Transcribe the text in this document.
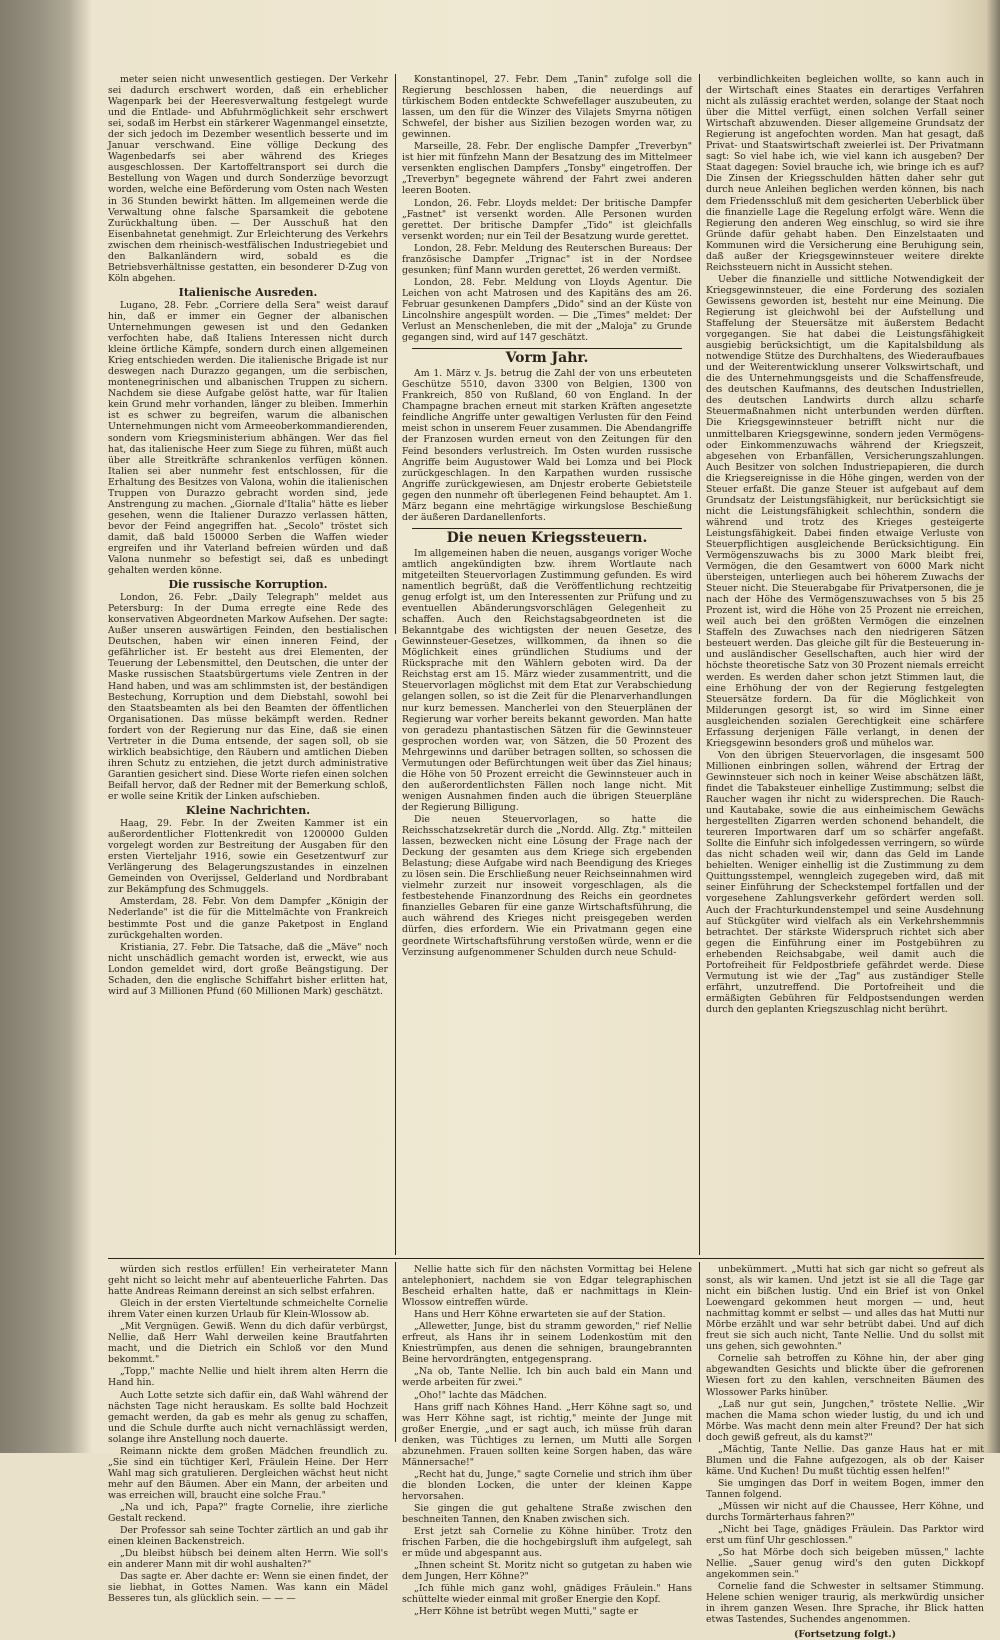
meter seien nicht unwesentlich gestiegen. Der Verkehr sei dadurch erschwert worden, daß ein erheblicher Wagenpark bei der Heeresverwaltung festgelegt wurde und die Entlade- und Abfuhrmöglichkeit sehr erschwert sei, sodaß im Herbst ein stärkerer Wagenmangel einsetzte, der sich jedoch im Dezember wesentlich besserte und im Januar verschwand. Eine völlige Deckung des Wagenbedarfs sei aber während des Krieges ausgeschlossen. Der Kartoffeltransport sei durch die Bestellung von Wagen und durch Sonderzüge bevorzugt worden, welche eine Beförderung vom Osten nach Westen in 36 Stunden bewirkt hätten. Im allgemeinen werde die Verwaltung ohne falsche Sparsamkeit die gebotene Zurückhaltung üben. — Der Ausschuß hat den Eisenbahnetat genehmigt. Zur Erleichterung des Verkehrs zwischen dem rheinisch-westfälischen Industriegebiet und den Balkanländern wird, sobald es die Betriebsverhältnisse gestatten, ein besonderer D-Zug von Köln abgehen.

Italienische Ausreden.

Lugano, 28. Febr. „Corriere della Sera" weist darauf hin, daß er immer ein Gegner der albanischen Unternehmungen gewesen ist und den Gedanken verfochten habe, daß Italiens Interessen nicht durch kleine örtliche Kämpfe, sondern durch einen allgemeinen Krieg entschieden werden. Die italienische Brigade ist nur deswegen nach Durazzo gegangen, um die serbischen, montenegrinischen und albanischen Truppen zu sichern. Nachdem sie diese Aufgabe gelöst hatte, war für Italien kein Grund mehr vorhanden, länger zu bleiben. Immerhin ist es schwer zu begreifen, warum die albanischen Unternehmungen nicht vom Armeeoberkommandierenden, sondern vom Kriegsministerium abhängen. Wer das fiel hat, das italienische Heer zum Siege zu führen, müßt auch über alle Streitkräfte schrankenlos verfügen können. Italien sei aber nunmehr fest entschlossen, für die Erhaltung des Besitzes von Valona, wohin die italienischen Truppen von Durazzo gebracht worden sind, jede Anstrengung zu machen. „Giornale d'Italia" hätte es lieber gesehen, wenn die Italiener Durazzo verlassen hätten, bevor der Feind angegriffen hat. „Secolo" tröstet sich damit, daß bald 150000 Serben die Waffen wieder ergreifen und ihr Vaterland befreien würden und daß Valona nunmehr so befestigt sei, daß es unbedingt gehalten werden könne.

Die russische Korruption.

London, 26. Febr. „Daily Telegraph" meldet aus Petersburg: In der Duma erregte eine Rede des konservativen Abgeordneten Markow Aufsehen. Der sagte: Außer unseren auswärtigen Feinden, den bestialischen Deutschen, haben wir einen inneren Feind, der gefährlicher ist. Er besteht aus drei Elementen, der Teuerung der Lebensmittel, den Deutschen, die unter der Maske russischen Staatsbürgertums viele Zentren in der Hand haben, und was am schlimmsten ist, der beständigen Bestechung, Korruption und dem Diebstahl, sowohl bei den Staatsbeamten als bei den Beamten der öffentlichen Organisationen. Das müsse bekämpft werden. Redner fordert von der Regierung nur das Eine, daß sie einen Vertreter in die Duma entsende, der sagen soll, ob sie wirklich beabsichtige, den Räubern und amtlichen Dieben ihren Schutz zu entziehen, die jetzt durch administrative Garantien gesichert sind. Diese Worte riefen einen solchen Beifall hervor, daß der Redner mit der Bemerkung schloß, er wolle seine Kritik der Linken aufschieben.

Kleine Nachrichten.

Haag, 29. Febr. In der Zweiten Kammer ist ein außerordentlicher Flottenkredit von 1200000 Gulden vorgelegt worden zur Bestreitung der Ausgaben für den ersten Vierteljahr 1916, sowie ein Gesetzentwurf zur Verlängerung des Belagerungszustandes in einzelnen Gemeinden von Overijssel, Gelderland und Nordbrabant zur Bekämpfung des Schmuggels.

Amsterdam, 28. Febr. Von dem Dampfer „Königin der Nederlande" ist die für die Mittelmächte von Frankreich bestimmte Post und die ganze Paketpost in England zurückgehalten worden.

Kristiania, 27. Febr. Die Tatsache, daß die „Mäve" noch nicht unschädlich gemacht worden ist, erweckt, wie aus London gemeldet wird, dort große Beängstigung. Der Schaden, den die englische Schiffahrt bisher erlitten hat, wird auf 3 Millionen Pfund (60 Millionen Mark) geschätzt.

Konstantinopel, 27. Febr. Dem „Tanin" zufolge soll die Regierung beschlossen haben, die neuerdings auf türkischem Boden entdeckte Schwefellager auszubeuten, zu lassen, um den für die Winzer des Vilajets Smyrna nötigen Schwefel, der bisher aus Sizilien bezogen worden war, zu gewinnen.

Marseille, 28. Febr. Der englische Dampfer „Treverbyn" ist hier mit fünfzehn Mann der Besatzung des im Mittelmeer versenkten englischen Dampfers „Tonsby" eingetroffen. Der „Treverbyn" begegnete während der Fahrt zwei anderen leeren Booten.

London, 26. Febr. Lloyds meldet: Der britische Dampfer „Fastnet" ist versenkt worden. Alle Personen wurden gerettet. Der britische Dampfer „Tido" ist gleichfalls versenkt worden; nur ein Teil der Besatzung wurde gerettet.

London, 28. Febr. Meldung des Reuterschen Bureaus: Der französische Dampfer „Trignac" ist in der Nordsee gesunken; fünf Mann wurden gerettet, 26 werden vermißt.

London, 28. Febr. Meldung von Lloyds Agentur. Die Leichen von acht Matrosen und des Kapitäns des am 26. Februar gesunkenen Dampfers „Dido" sind an der Küste von Lincolnshire angespült worden. — Die „Times" meldet: Der Verlust an Menschenleben, die mit der „Maloja" zu Grunde gegangen sind, wird auf 147 geschätzt.

Vorm Jahr.

Am 1. März v. Js. betrug die Zahl der von uns erbeuteten Geschütze 5510, davon 3300 von Belgien, 1300 von Frankreich, 850 von Rußland, 60 von England. In der Champagne brachen erneut mit starken Kräften angesetzte feindliche Angriffe unter gewaltigen Verlusten für den Feind meist schon in unserem Feuer zusammen. Die Abendangriffe der Franzosen wurden erneut von den Zeitungen für den Feind besonders verlustreich. Im Osten wurden russische Angriffe beim Augustower Wald bei Lomza und bei Plock zurückgeschlagen. In den Karpathen wurden russische Angriffe zurückgewiesen, am Dnjestr eroberte Gebietsteile gegen den nunmehr oft überlegenen Feind behauptet. Am 1. März begann eine mehrtägige wirkungslose Beschießung der äußeren Dardanellenforts.

Die neuen Kriegssteuern.

Im allgemeinen haben die neuen, ausgangs voriger Woche amtlich angekündigten bzw. ihrem Wortlaute nach mitgeteilten Steuervorlagen Zustimmung gefunden. Es wird namentlich begrüßt, daß die Veröffentlichung rechtzeitig genug erfolgt ist, um den Interessenten zur Prüfung und zu eventuellen Abänderungsvorschlägen Gelegenheit zu schaffen. Auch den Reichstagsabgeordneten ist die Bekanntgabe des wichtigsten der neuen Gesetze, des Gewinnsteuer-Gesetzes, willkommen, da ihnen so die Möglichkeit eines gründlichen Studiums und der Rücksprache mit den Wählern geboten wird. Da der Reichstag erst am 15. März wieder zusammentritt, und die Steuervorlagen möglichst mit dem Etat zur Verabschiedung gelangen sollen, so ist die Zeit für die Plenarverhandlungen nur kurz bemessen. Mancherlei von den Steuerplänen der Regierung war vorher bereits bekannt geworden. Man hatte von geradezu phantastischen Sätzen für die Gewinnsteuer gesprochen worden war, von Sätzen, die 50 Prozent des Mehrgewinns und darüber betragen sollten, so schossen die Vermutungen oder Befürchtungen weit über das Ziel hinaus; die Höhe von 50 Prozent erreicht die Gewinnsteuer auch in den außerordentlichsten Fällen noch lange nicht. Mit wenigen Ausnahmen finden auch die übrigen Steuerpläne der Regierung Billigung.

Die neuen Steuervorlagen, so hatte die Reichsschatzsekretär durch die „Nordd. Allg. Ztg." mitteilen lassen, bezwecken nicht eine Lösung der Frage nach der Deckung der gesamten aus dem Kriege sich ergebenden Belastung; diese Aufgabe wird nach Beendigung des Krieges zu lösen sein. Die Erschließung neuer Reichseinnahmen wird vielmehr zurzeit nur insoweit vorgeschlagen, als die festbestehende Finanzordnung des Reichs ein geordnetes finanzielles Gebaren für eine ganze Wirtschaftsführung, die auch während des Krieges nicht preisgegeben werden dürfen, dies erfordern. Wie ein Privatmann gegen eine geordnete Wirtschaftsführung verstoßen würde, wenn er die Verzinsung aufgenommener Schulden durch neue Schuld-

verbindlichkeiten begleichen wollte, so kann auch in der Wirtschaft eines Staates ein derartiges Verfahren nicht als zulässig erachtet werden, solange der Staat noch über die Mittel verfügt, einen solchen Verfall seiner Wirtschaft abzuwenden. Dieser allgemeine Grundsatz der Regierung ist angefochten worden. Man hat gesagt, daß Privat- und Staatswirtschaft zweierlei ist. Der Privatmann sagt: So viel habe ich, wie viel kann ich ausgeben? Der Staat dagegen: Soviel brauche ich, wie bringe ich es auf? Die Zinsen der Kriegsschulden hätten daher sehr gut durch neue Anleihen beglichen werden können, bis nach dem Friedensschluß mit dem gesicherten Ueberblick über die finanzielle Lage die Regelung erfolgt wäre. Wenn die Regierung den anderen Weg einschlug, so wird sie ihre Gründe dafür gehabt haben. Den Einzelstaaten und Kommunen wird die Versicherung eine Beruhigung sein, daß außer der Kriegsgewinnsteuer weitere direkte Reichssteuern nicht in Aussicht stehen.

Ueber die finanzielle und sittliche Notwendigkeit der Kriegsgewinnsteuer, die eine Forderung des sozialen Gewissens geworden ist, besteht nur eine Meinung. Die Regierung ist gleichwohl bei der Aufstellung und Staffelung der Steuersätze mit äußerstem Bedacht vorgegangen. Sie hat dabei die Leistungsfähigkeit ausgiebig berücksichtigt, um die Kapitalsbildung als notwendige Stütze des Durchhaltens, des Wiederaufbaues und der Weiterentwicklung unserer Volkswirtschaft, und die des Unternehmungsgeists und die Schaffensfreude, des deutschen Kaufmanns, des deutschen Industriellen, des deutschen Landwirts durch allzu scharfe Steuermaßnahmen nicht unterbunden werden dürften. Die Kriegsgewinnsteuer betrifft nicht nur die unmittelbaren Kriegsgewinne, sondern jeden Vermögens- oder Einkommenzuwachs während der Kriegszeit, abgesehen von Erbanfällen, Versicherungszahlungen. Auch Besitzer von solchen Industriepapieren, die durch die Kriegsereignisse in die Höhe gingen, werden von der Steuer erfaßt. Die ganze Steuer ist aufgebaut auf dem Grundsatz der Leistungsfähigkeit, nur berücksichtigt sie nicht die Leistungsfähigkeit schlechthin, sondern die während und trotz des Krieges gesteigerte Leistungsfähigkeit. Dabei finden etwaige Verluste von Steuerpflichtigen ausgleichende Berücksichtigung. Ein Vermögenszuwachs bis zu 3000 Mark bleibt frei, Vermögen, die den Gesamtwert von 6000 Mark nicht übersteigen, unterliegen auch bei höherem Zuwachs der Steuer nicht. Die Steuerabgabe für Privatpersonen, die je nach der Höhe des Vermögenszuwachses von 5 bis 25 Prozent ist, wird die Höhe von 25 Prozent nie erreichen, weil auch bei den größten Vermögen die einzelnen Staffeln des Zuwachses nach den niedrigeren Sätzen besteuert werden. Das gleiche gilt für die Besteuerung in- und ausländischer Gesellschaften, auch hier wird der höchste theoretische Satz von 30 Prozent niemals erreicht werden. Es werden daher schon jetzt Stimmen laut, die eine Erhöhung der von der Regierung festgelegten Steuersätze fordern. Da für die Möglichkeit von Milderungen gesorgt ist, so wird im Sinne einer ausgleichenden sozialen Gerechtigkeit eine schärfere Erfassung derjenigen Fälle verlangt, in denen der Kriegsgewinn besonders groß und mühelos war.

Von den übrigen Steuervorlagen, die insgesamt 500 Millionen einbringen sollen, während der Ertrag der Gewinnsteuer sich noch in keiner Weise abschätzen läßt, findet die Tabaksteuer einhellige Zustimmung; selbst die Raucher wagen ihr nicht zu widersprechen. Die Rauch- und Kautabake, sowie die aus einheimischem Gewächs hergestellten Zigarren werden schonend behandelt, die teureren Importwaren darf um so schärfer angefaßt. Sollte die Einfuhr sich infolgedessen verringern, so würde das nicht schaden weil wir, dann das Geld im Lande behielten. Weniger einhellig ist die Zustimmung zu dem Quittungsstempel, wenngleich zugegeben wird, daß mit seiner Einführung der Scheckstempel fortfallen und der vorgesehene Zahlungsverkehr gefördert werden soll. Auch der Frachturkundenstempel und seine Ausdehnung auf Stückgüter wird vielfach als ein Verkehrshemmnis betrachtet. Der stärkste Widerspruch richtet sich aber gegen die Einführung einer im Postgebühren zu erhebenden Reichsabgabe, weil damit auch die Portofreiheit für Feldpostbriefe gefährdet werde. Diese Vermutung ist wie der „Tag" aus zuständiger Stelle erfährt, unzutreffend. Die Portofreiheit und die ermäßigten Gebühren für Feldpostsendungen werden durch den geplanten Kriegszuschlag nicht berührt.

würden sich restlos erfüllen! Ein verheirateter Mann geht nicht so leicht mehr auf abenteuerliche Fahrten. Das hatte Andreas Reimann dereinst an sich selbst erfahren.

Gleich in der ersten Vierteltunde schmeichelte Cornelie ihrem Vater einen kurzen Urlaub für Klein-Wlossow ab.

„Mit Vergnügen. Gewiß. Wenn du dich dafür verbürgst, Nellie, daß Herr Wahl derweilen keine Brautfahrten macht, und die Dietrich ein Schloß vor den Mund bekommt."

„Topp," machte Nellie und hielt ihrem alten Herrn die Hand hin.

Auch Lotte setzte sich dafür ein, daß Wahl während der nächsten Tage nicht herauskam. Es sollte bald Hochzeit gemacht werden, da gab es mehr als genug zu schaffen, und die Schule durfte auch nicht vernachlässigt werden, solange ihre Anstellung noch dauerte.

Reimann nickte dem großen Mädchen freundlich zu. „Sie sind ein tüchtiger Kerl, Fräulein Heine. Der Herr Wahl mag sich gratulieren. Dergleichen wächst heut nicht mehr auf den Bäumen. Aber ein Mann, der arbeiten und was erreichen will, braucht eine solche Frau."

„Na und ich, Papa?" fragte Cornelie, ihre zierliche Gestalt reckend.

Der Professor sah seine Tochter zärtlich an und gab ihr einen kleinen Backenstreich.

„Du bleibst hübsch bei deinem alten Herrn. Wie soll's ein anderer Mann mit dir wohl aushalten?"

Das sagte er. Aber dachte er: Wenn sie einen findet, der sie liebhat, in Gottes Namen. Was kann ein Mädel Besseres tun, als glücklich sein. — — —

Nellie hatte sich für den nächsten Vormittag bei Helene antelephoniert, nachdem sie von Edgar telegraphischen Bescheid erhalten hatte, daß er nachmittags in Klein-Wlossow eintreffen würde.

Hans und Herr Köhne erwarteten sie auf der Station.

„Allewetter, Junge, bist du stramm geworden," rief Nellie erfreut, als Hans ihr in seinem Lodenkostüm mit den Kniestrümpfen, aus denen die sehnigen, braungebrannten Beine hervordrängten, entgegensprang.

„Na ob, Tante Nellie. Ich bin auch bald ein Mann und werde arbeiten für zwei."

„Oho!" lachte das Mädchen.

Hans griff nach Köhnes Hand. „Herr Köhne sagt so, und was Herr Köhne sagt, ist richtig," meinte der Junge mit großer Energie, „und er sagt auch, ich müsse früh daran denken, was Tüchtiges zu lernen, um Mutti alle Sorgen abzunehmen. Frauen sollten keine Sorgen haben, das wäre Männersache!"

„Recht hat du, Junge," sagte Cornelie und strich ihm über die blonden Locken, die unter der kleinen Kappe hervorsahen.

Sie gingen die gut gehaltene Straße zwischen den beschneiten Tannen, den Knaben zwischen sich.

Erst jetzt sah Cornelie zu Köhne hinüber. Trotz den frischen Farben, die die hochgebirgsluft ihm aufgelegt, sah er müde und abgespannt aus.

„Ihnen scheint St. Moritz nicht so gutgetan zu haben wie dem Jungen, Herr Köhne?"

„Ich fühle mich ganz wohl, gnädiges Fräulein." Hans schüttelte wieder einmal mit großer Energie den Kopf.

„Herr Köhne ist betrübt wegen Mutti," sagte er

unbekümmert. „Mutti hat sich gar nicht so gefreut als sonst, als wir kamen. Und jetzt ist sie all die Tage gar nicht ein bißchen lustig. Und ein Brief ist von Onkel Loewengard gekommen heut morgen — und, heut nachmittag kommt er selbst — und alles das hat Mutti nur Mörbe erzählt und war sehr betrübt dabei. Und auf dich freut sie sich auch nicht, Tante Nellie. Und du sollst mit uns gehen, sich gewohnten."

Cornelie sah betroffen zu Köhne hin, der aber ging abgewandten Gesichts und blickte über die gefrorenen Wiesen fort zu den kahlen, verschneiten Bäumen des Wlossower Parks hinüber.

„Laß nur gut sein, Jungchen," tröstete Nellie. „Wir machen die Mama schon wieder lustig, du und ich und Mörbe. Was macht denn mein alter Freund? Der hat sich doch gewiß gefreut, als du kamst?"

„Mächtig, Tante Nellie. Das ganze Haus hat er mit Blumen und die Fahne aufgezogen, als ob der Kaiser käme. Und Kuchen! Du mußt tüchtig essen helfen!"

Sie umgingen das Dorf in weitem Bogen, immer den Tannen folgend.

„Müssen wir nicht auf die Chaussee, Herr Köhne, und durchs Tormärterhaus fahren?"

„Nicht bei Tage, gnädiges Fräulein. Das Parktor wird erst um fünf Uhr geschlossen."

„So hat Mörbe doch sich beigeben müssen," lachte Nellie. „Sauer genug wird's den guten Dickkopf angekommen sein."

Cornelie fand die Schwester in seltsamer Stimmung. Helene schien weniger traurig, als merkwürdig unsicher in ihrem ganzen Wesen. Ihre Sprache, ihr Blick hatten etwas Tastendes, Suchendes angenommen.

(Fortsetzung folgt.)
